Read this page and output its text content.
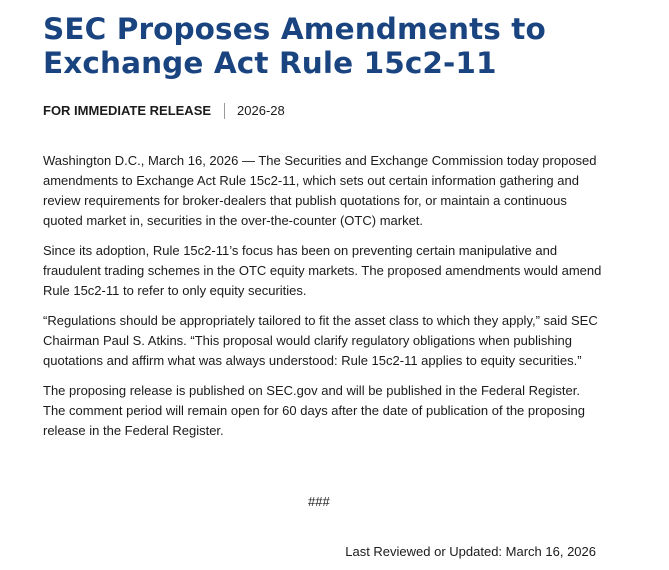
SEC Proposes Amendments to Exchange Act Rule 15c2-11
FOR IMMEDIATE RELEASE 2026-28

Washington D.C., March 16, 2026 — The Securities and Exchange Commission today proposed amendments to Exchange Act Rule 15c2-11, which sets out certain information gathering and review requirements for broker-dealers that publish quotations for, or maintain a continuous quoted market in, securities in the over-the-counter (OTC) market.

Since its adoption, Rule 15c2-11’s focus has been on preventing certain manipulative and fraudulent trading schemes in the OTC equity markets. The proposed amendments would amend Rule 15c2-11 to refer to only equity securities.

“Regulations should be appropriately tailored to fit the asset class to which they apply,” said SEC Chairman Paul S. Atkins. “This proposal would clarify regulatory obligations when publishing quotations and affirm what was always understood: Rule 15c2-11 applies to equity securities.”

The proposing release is published on SEC.gov and will be published in the Federal Register. The comment period will remain open for 60 days after the date of publication of the proposing release in the Federal Register.

###
Last Reviewed or Updated: March 16, 2026
